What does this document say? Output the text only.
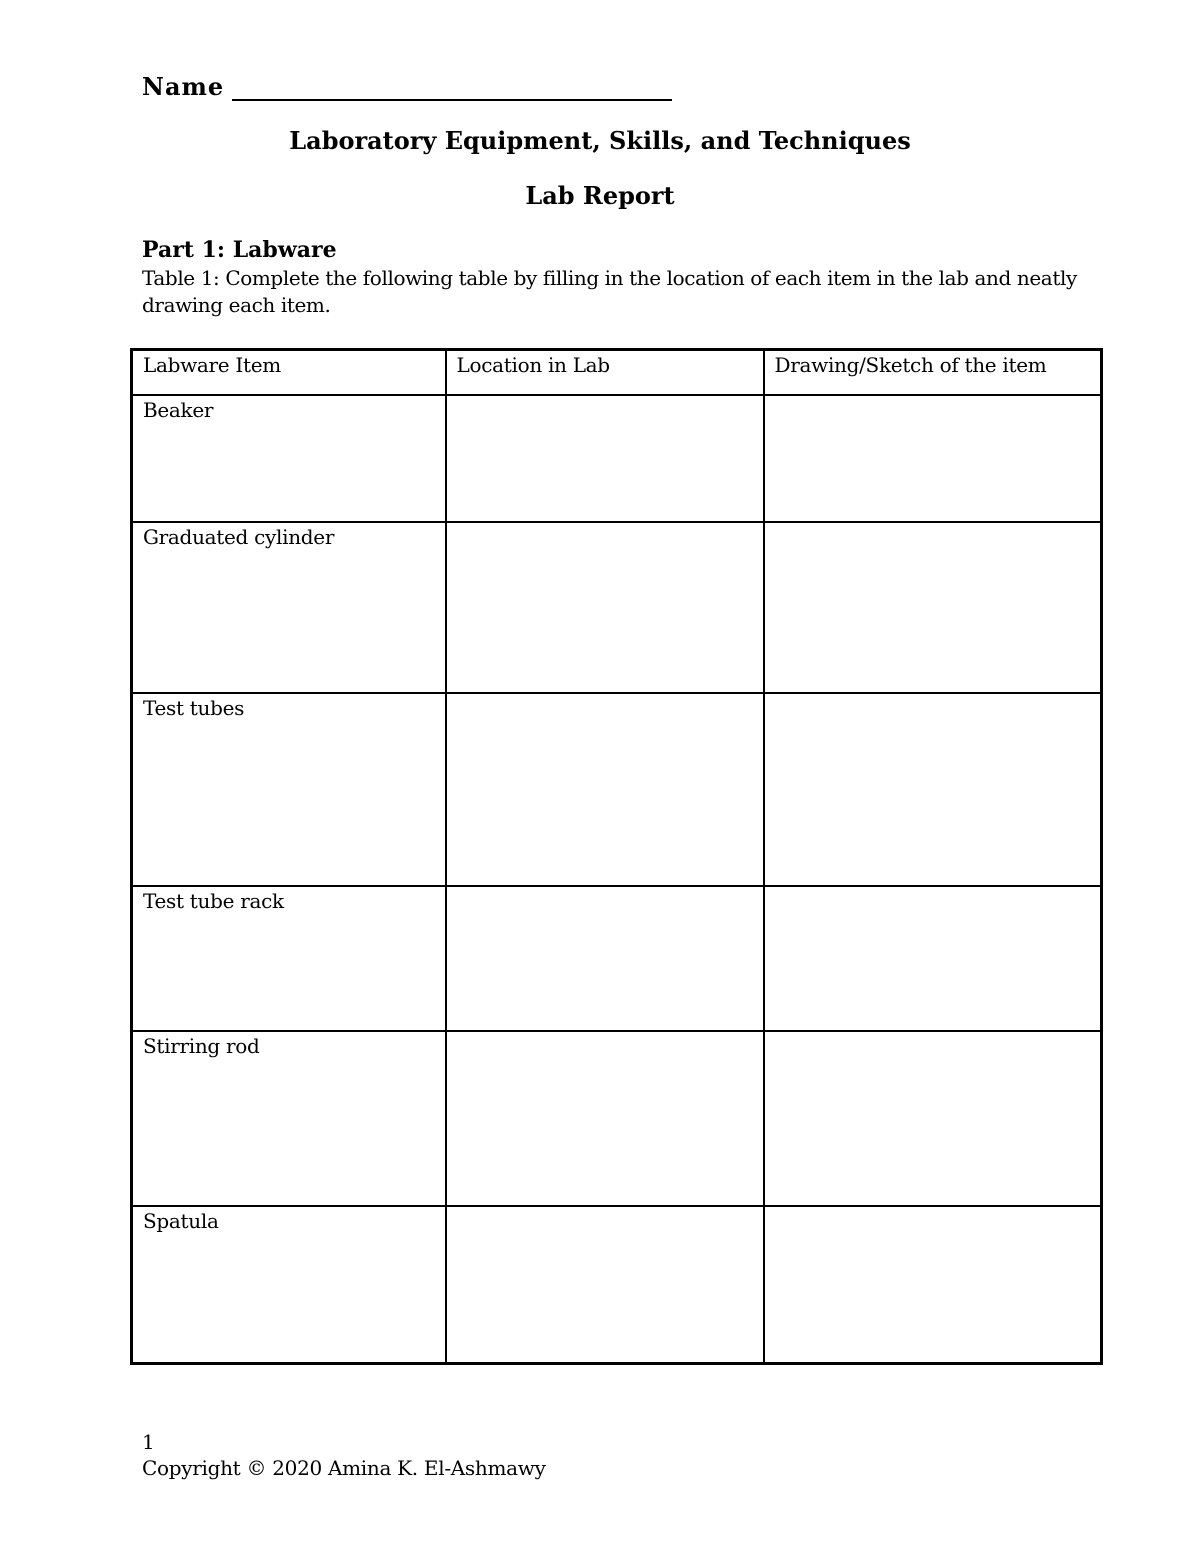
Name
Laboratory Equipment, Skills, and Techniques
Lab Report
Part 1: Labware
Table 1: Complete the following table by filling in the location of each item in the lab and neatly drawing each item.
Labware Item	Location in Lab	Drawing/Sketch of the item
Beaker		
Graduated cylinder		
Test tubes		
Test tube rack		
Stirring rod		
Spatula		
1
Copyright © 2020 Amina K. El-Ashmawy
